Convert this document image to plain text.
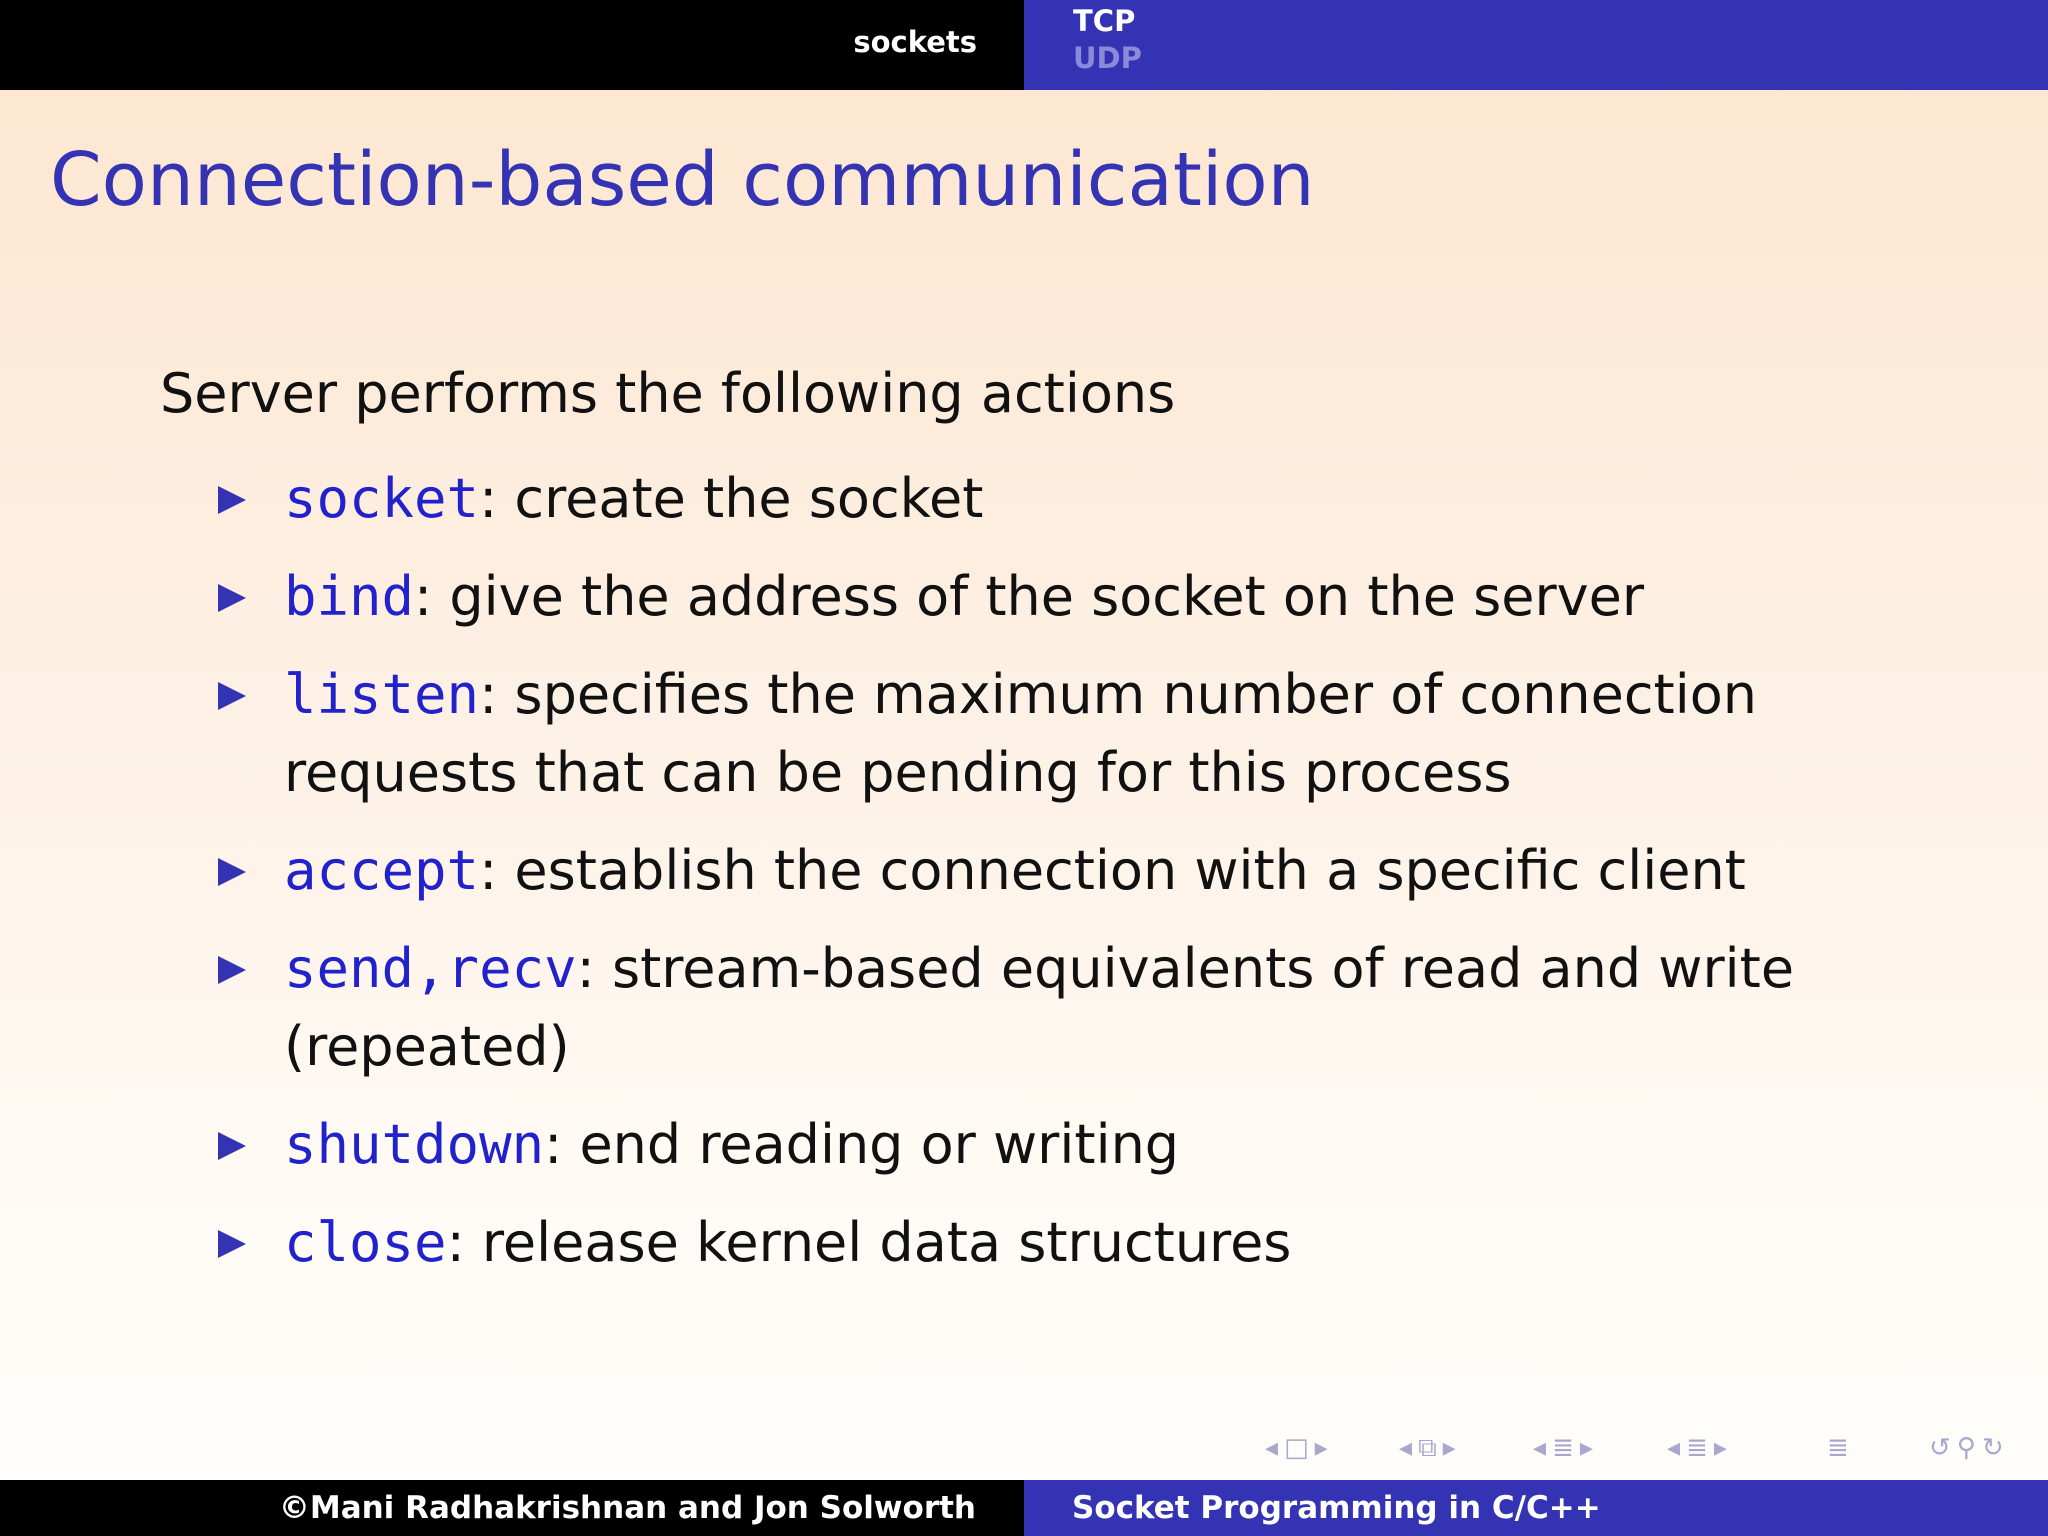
sockets
TCP
UDP
Connection-based communication
Server performs the following actions
socket: create the socket
bind: give the address of the socket on the server
listen: specifies the maximum number of connection requests that can be pending for this process
accept: establish the connection with a specific client
send,recv: stream-based equivalents of read and write (repeated)
shutdown: end reading or writing
close: release kernel data structures
◂ □ ▸	◂ ⧉ ▸	◂ ≣ ▸	◂ ≣ ▸	≣	↺ ⚲ ↻
©Mani Radhakrishnan and Jon Solworth	Socket Programming in C/C++
